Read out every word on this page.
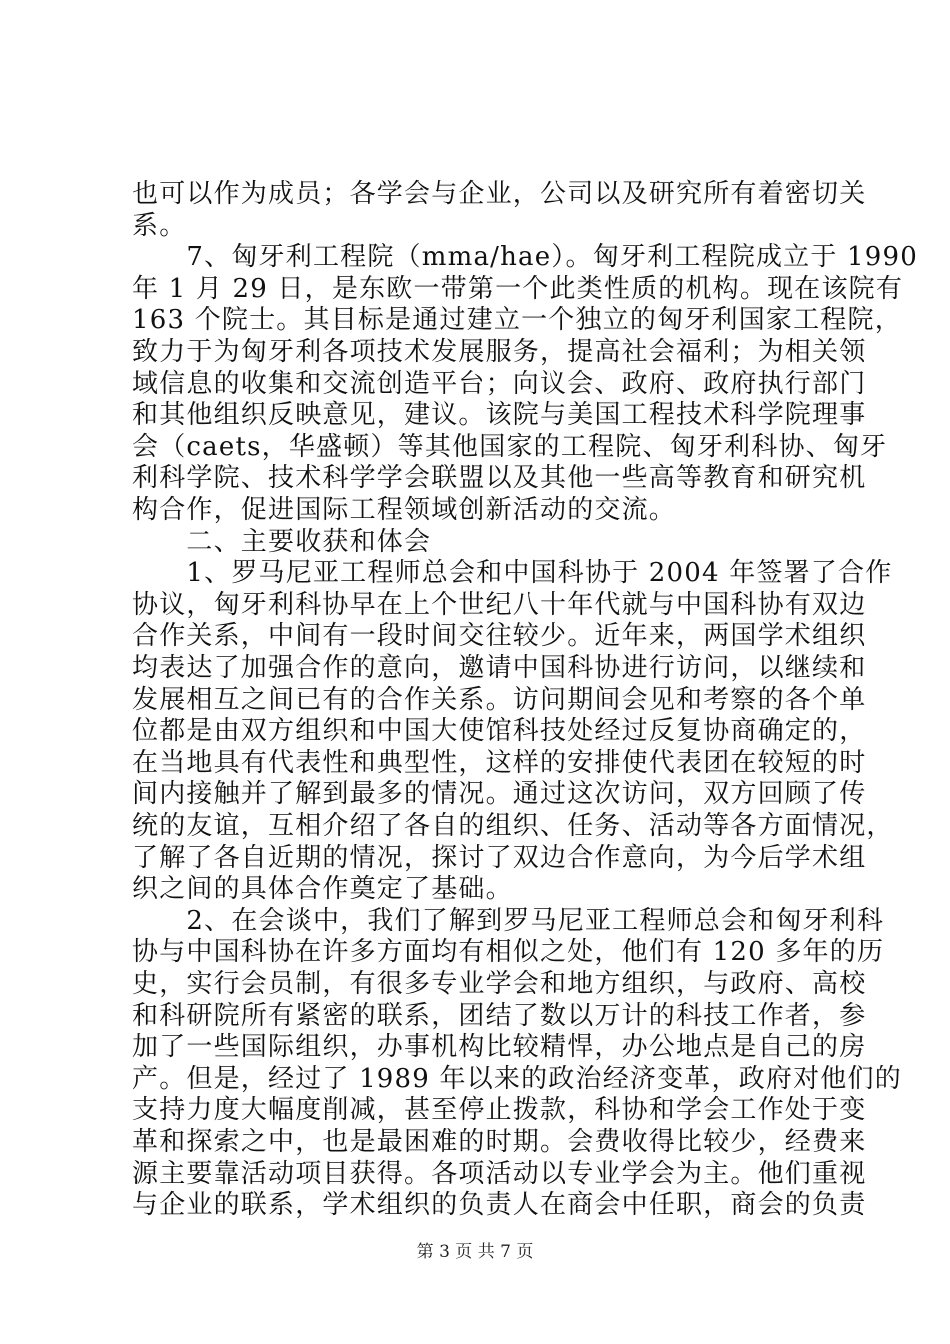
也可以作为成员；各学会与企业，公司以及研究所有着密切关
系。
　　7、匈牙利工程院（mma/hae）。匈牙利工程院成立于 1990
年 1 月 29 日，是东欧一带第一个此类性质的机构。现在该院有
163 个院士。其目标是通过建立一个独立的匈牙利国家工程院，
致力于为匈牙利各项技术发展服务，提高社会福利；为相关领
域信息的收集和交流创造平台；向议会、政府、政府执行部门
和其他组织反映意见，建议。该院与美国工程技术科学院理事
会（caets，华盛顿）等其他国家的工程院、匈牙利科协、匈牙
利科学院、技术科学学会联盟以及其他一些高等教育和研究机
构合作，促进国际工程领域创新活动的交流。
　　二、主要收获和体会
　　1、罗马尼亚工程师总会和中国科协于 2004 年签署了合作
协议，匈牙利科协早在上个世纪八十年代就与中国科协有双边
合作关系，中间有一段时间交往较少。近年来，两国学术组织
均表达了加强合作的意向，邀请中国科协进行访问，以继续和
发展相互之间已有的合作关系。访问期间会见和考察的各个单
位都是由双方组织和中国大使馆科技处经过反复协商确定的，
在当地具有代表性和典型性，这样的安排使代表团在较短的时
间内接触并了解到最多的情况。通过这次访问，双方回顾了传
统的友谊，互相介绍了各自的组织、任务、活动等各方面情况，
了解了各自近期的情况，探讨了双边合作意向，为今后学术组
织之间的具体合作奠定了基础。
　　2、在会谈中，我们了解到罗马尼亚工程师总会和匈牙利科
协与中国科协在许多方面均有相似之处，他们有 120 多年的历
史，实行会员制，有很多专业学会和地方组织，与政府、高校
和科研院所有紧密的联系，团结了数以万计的科技工作者，参
加了一些国际组织，办事机构比较精悍，办公地点是自己的房
产。但是，经过了 1989 年以来的政治经济变革，政府对他们的
支持力度大幅度削减，甚至停止拨款，科协和学会工作处于变
革和探索之中，也是最困难的时期。会费收得比较少，经费来
源主要靠活动项目获得。各项活动以专业学会为主。他们重视
与企业的联系，学术组织的负责人在商会中任职，商会的负责
第 3 页 共 7 页
